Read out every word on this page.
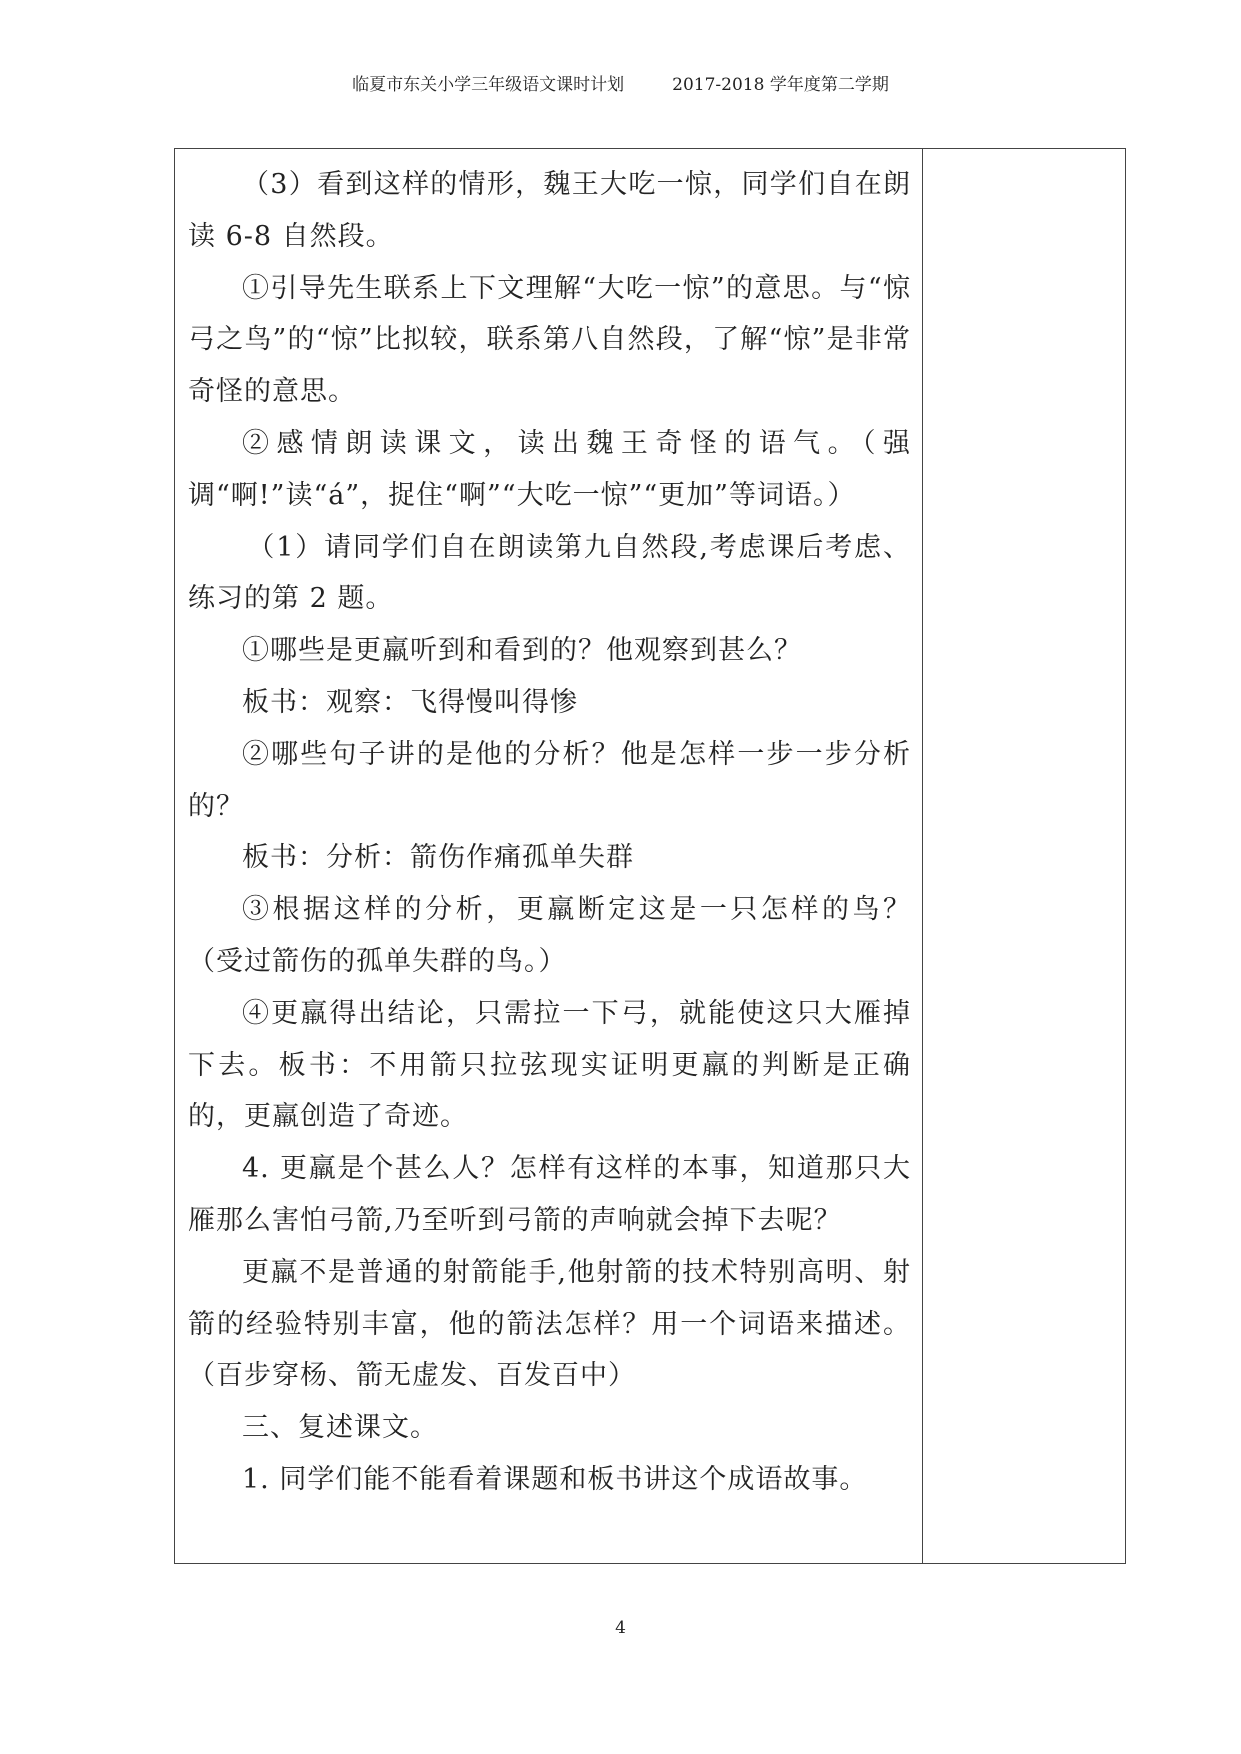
临夏市东关小学三年级语文课时计划	2017-2018 学年度第二学期

（3）看到这样的情形，魏王大吃一惊，同学们自在朗读 6-8 自然段。

①引导先生联系上下文理解“大吃一惊”的意思。与“惊弓之鸟”的“惊”比拟较，联系第八自然段，了解“惊”是非常奇怪的意思。

②感情朗读课文，读出魏王奇怪的语气。（强调“啊!”读“á”，捉住“啊”“大吃一惊”“更加”等词语。）

（1）请同学们自在朗读第九自然段,考虑课后考虑、练习的第 2 题。

①哪些是更羸听到和看到的？他观察到甚么？

板书：观察：飞得慢叫得惨

②哪些句子讲的是他的分析？他是怎样一步一步分析的？

板书：分析：箭伤作痛孤单失群

③根据这样的分析，更羸断定这是一只怎样的鸟？（受过箭伤的孤单失群的鸟。）

④更羸得出结论，只需拉一下弓，就能使这只大雁掉下去。板书：不用箭只拉弦现实证明更羸的判断是正确的，更羸创造了奇迹。

4. 更羸是个甚么人？怎样有这样的本事，知道那只大雁那么害怕弓箭,乃至听到弓箭的声响就会掉下去呢？

更羸不是普通的射箭能手,他射箭的技术特别高明、射箭的经验特别丰富，他的箭法怎样？用一个词语来描述。（百步穿杨、箭无虚发、百发百中）

三、复述课文。

1. 同学们能不能看着课题和板书讲这个成语故事。

4
